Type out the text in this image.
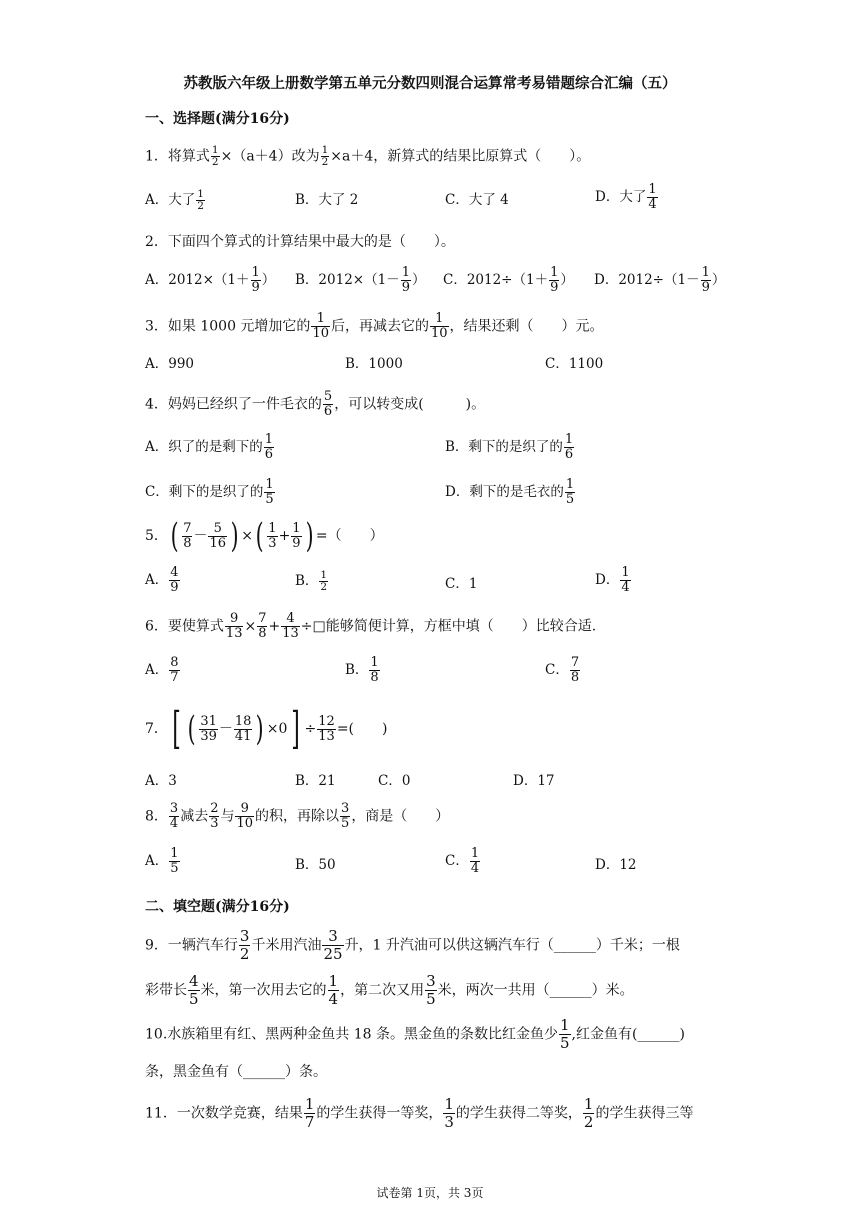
苏教版六年级上册数学第五单元分数四则混合运算常考易错题综合汇编（五）
一、选择题(满分16分)
1．将算式 $\frac{1}{2} \times(a+4)$改为 $\frac{1}{2} \times a+4$，新算式的结果比原算式（　　）。
A．大了 $\frac{1}{2}$	B．大了 2	C．大了 4	D．大了 $\frac{1}{4}$
2．下面四个算式的计算结果中最大的是（　　）。
A．$2012\times(1+ \frac{1}{9}$ ） B．$2012\times(1- \frac{1}{9}$ ） C．$2012\div(1+ \frac{1}{9}$ ） D．$2012\div(1- \frac{1}{9}$ ）
3．如果 1000 元增加它的 $\frac{1}{10}$ 后，再减去它的 $\frac{1}{10}$ ，结果还剩（　　）元。
A．990	B．1000	C．1100
4．妈妈已经织了一件毛衣的 $\frac{5}{6}$ ，可以转变成(　　　)。
A．织了的是剩下的 $\frac{1}{6}$	B．剩下的是织了的 $\frac{1}{6}$
C．剩下的是织了的 $\frac{1}{5}$	D．剩下的是毛衣的 $\frac{1}{5}$
5．( $\frac{7}{8} - \frac{5}{16}$ ) ×( $\frac{1}{3} + \frac{1}{9}$ ) =（　　）
A． $\frac{4}{9}$	B． $\frac{1}{2}$	C．1	D． $\frac{1}{4}$
6．要使算式 $\frac{9}{13} \times \frac{7}{8} + \frac{4}{13}$ ÷□能够简便计算，方框中填（　　）比较合适.
A． $\frac{8}{7}$	B． $\frac{1}{8}$	C． $\frac{7}{8}$
7．[ ( $\frac{31}{39} - \frac{18}{41}$ ) $\times 0] \div \frac{12}{13}$ =(　　)
A．3	B．21	C．0	D．17
8． $\frac{3}{4}$ 减去 $\frac{2}{3}$ 与 $\frac{9}{10}$ 的积，再除以 $\frac{3}{5}$ ，商是（　　）
A． $\frac{1}{5}$	B．50	C． $\frac{1}{4}$	D．12
二、填空题(满分16分)
9．一辆汽车行 $\frac{3}{2}$ 千米用汽油 $\frac{3}{25}$ 升，1 升汽油可以供这辆汽车行（______）千米；一根
彩带长 $\frac{4}{5}$ 米，第一次用去它的 $\frac{1}{4}$ ，第二次又用 $\frac{3}{5}$ 米，两次一共用（______）米。
10.水族箱里有红、黑两种金鱼共 18 条。黑金鱼的条数比红金鱼少 $\frac{1}{5}$ ,红金鱼有(______)
条，黑金鱼有（______）条。
11．一次数学竞赛，结果 $\frac{1}{7}$ 的学生获得一等奖， $\frac{1}{3}$ 的学生获得二等奖， $\frac{1}{2}$ 的学生获得三等
试卷第 1页，共 3页
